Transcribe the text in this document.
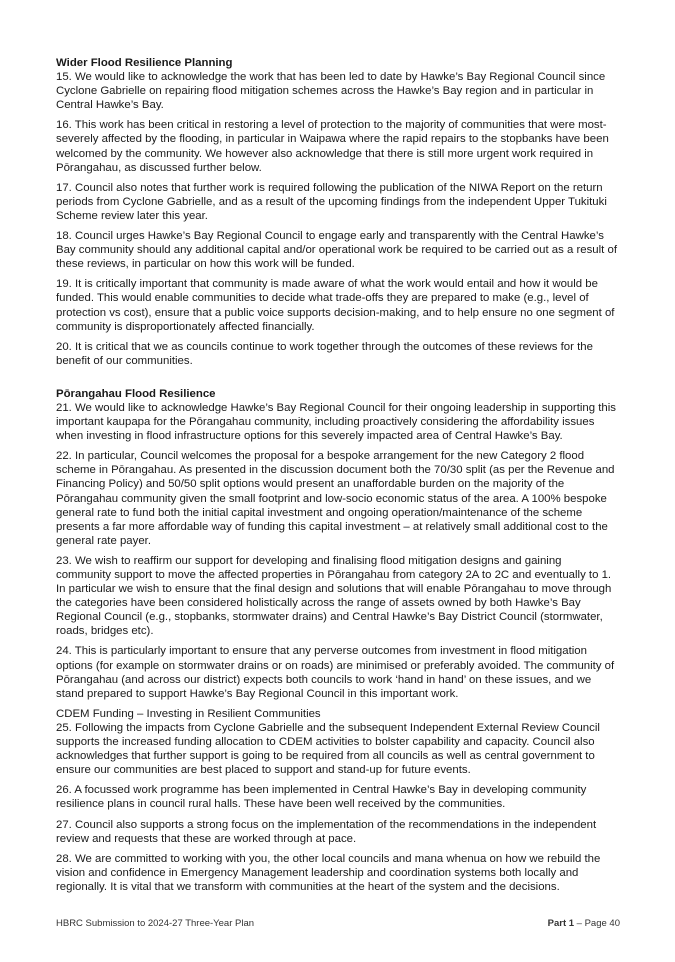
Wider Flood Resilience Planning

15. We would like to acknowledge the work that has been led to date by Hawke’s Bay Regional Council since Cyclone Gabrielle on repairing flood mitigation schemes across the Hawke’s Bay region and in particular in Central Hawke’s Bay.

16. This work has been critical in restoring a level of protection to the majority of communities that were most-severely affected by the flooding, in particular in Waipawa where the rapid repairs to the stopbanks have been welcomed by the community. We however also acknowledge that there is still more urgent work required in Pōrangahau, as discussed further below.

17. Council also notes that further work is required following the publication of the NIWA Report on the return periods from Cyclone Gabrielle, and as a result of the upcoming findings from the independent Upper Tukituki Scheme review later this year.

18. Council urges Hawke’s Bay Regional Council to engage early and transparently with the Central Hawke’s Bay community should any additional capital and/or operational work be required to be carried out as a result of these reviews, in particular on how this work will be funded.

19. It is critically important that community is made aware of what the work would entail and how it would be funded. This would enable communities to decide what trade-offs they are prepared to make (e.g., level of protection vs cost), ensure that a public voice supports decision-making, and to help ensure no one segment of community is disproportionately affected financially.

20. It is critical that we as councils continue to work together through the outcomes of these reviews for the benefit of our communities.

Pōrangahau Flood Resilience

21. We would like to acknowledge Hawke’s Bay Regional Council for their ongoing leadership in supporting this important kaupapa for the Pōrangahau community, including proactively considering the affordability issues when investing in flood infrastructure options for this severely impacted area of Central Hawke’s Bay.

22. In particular, Council welcomes the proposal for a bespoke arrangement for the new Category 2 flood scheme in Pōrangahau. As presented in the discussion document both the 70/30 split (as per the Revenue and Financing Policy) and 50/50 split options would present an unaffordable burden on the majority of the Pōrangahau community given the small footprint and low-socio economic status of the area. A 100% bespoke general rate to fund both the initial capital investment and ongoing operation/maintenance of the scheme presents a far more affordable way of funding this capital investment – at relatively small additional cost to the general rate payer.

23. We wish to reaffirm our support for developing and finalising flood mitigation designs and gaining community support to move the affected properties in Pōrangahau from category 2A to 2C and eventually to 1. In particular we wish to ensure that the final design and solutions that will enable Pōrangahau to move through the categories have been considered holistically across the range of assets owned by both Hawke’s Bay Regional Council (e.g., stopbanks, stormwater drains) and Central Hawke’s Bay District Council (stormwater, roads, bridges etc).

24. This is particularly important to ensure that any perverse outcomes from investment in flood mitigation options (for example on stormwater drains or on roads) are minimised or preferably avoided. The community of Pōrangahau (and across our district) expects both councils to work ‘hand in hand’ on these issues, and we stand prepared to support Hawke’s Bay Regional Council in this important work.

CDEM Funding – Investing in Resilient Communities

25. Following the impacts from Cyclone Gabrielle and the subsequent Independent External Review Council supports the increased funding allocation to CDEM activities to bolster capability and capacity. Council also acknowledges that further support is going to be required from all councils as well as central government to ensure our communities are best placed to support and stand-up for future events.

26. A focussed work programme has been implemented in Central Hawke’s Bay in developing community resilience plans in council rural halls. These have been well received by the communities.

27. Council also supports a strong focus on the implementation of the recommendations in the independent review and requests that these are worked through at pace.

28. We are committed to working with you, the other local councils and mana whenua on how we rebuild the vision and confidence in Emergency Management leadership and coordination systems both locally and regionally. It is vital that we transform with communities at the heart of the system and the decisions.

HBRC Submission to 2024-27 Three-Year Plan	Part 1 – Page 40
